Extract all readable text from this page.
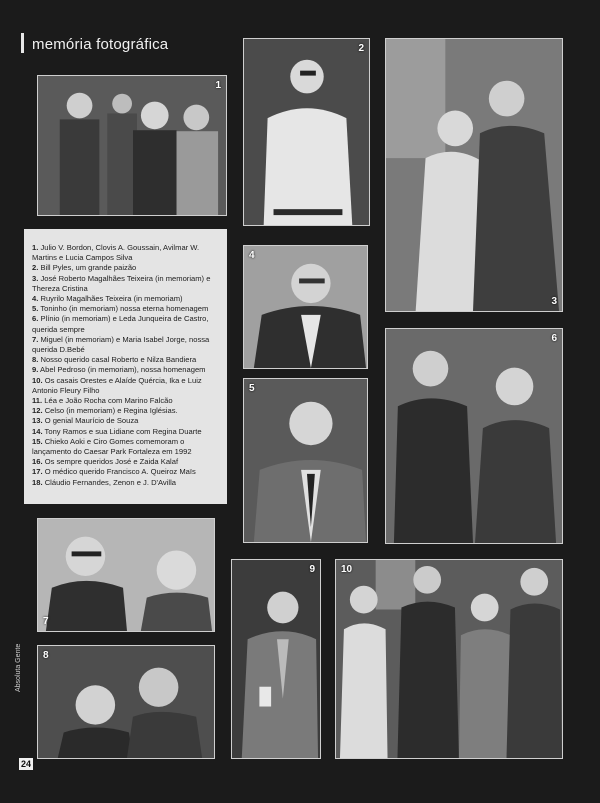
memória fotográfica
1
2
3

1. Julio V. Bordon, Clovis A. Goussain, Avilmar W. Martins e Lucia Campos Silva

2. Bill Pyles, um grande paizão

3. José Roberto Magalhães Teixeira (in memoriam) e Thereza Cristina

4. Ruyrilo Magalhães Teixeira (in memoriam)

5. Toninho (in memoriam) nossa eterna homenagem

6. Plínio (in memoriam) e Leda Junqueira de Castro, querida sempre

7. Miguel (in memoriam) e Maria Isabel Jorge, nossa querida D.Bebé

8. Nosso querido casal Roberto e Nilza Bandiera

9. Abel Pedroso (in memoriam), nossa homenagem

10. Os casais Orestes e Alaíde Quércia, Ika e Luiz Antonio Fleury Filho

11. Léa e João Rocha com Marino Falcão

12. Celso (in memoriam) e Regina Iglésias.

13. O genial Maurício de Souza

14. Tony Ramos e sua Lidiane com Regina Duarte

15. Chieko Aoki e Ciro Gomes comemoram o lançamento do Caesar Park Fortaleza em 1992

16. Os sempre queridos José e Zaida Kalaf

17. O médico querido Francisco A. Queiroz Maïs

18. Cláudio Fernandes, Zenon e J. D'Avilla

4
5
6
7
8
9	10
Absoluta Gente
24
